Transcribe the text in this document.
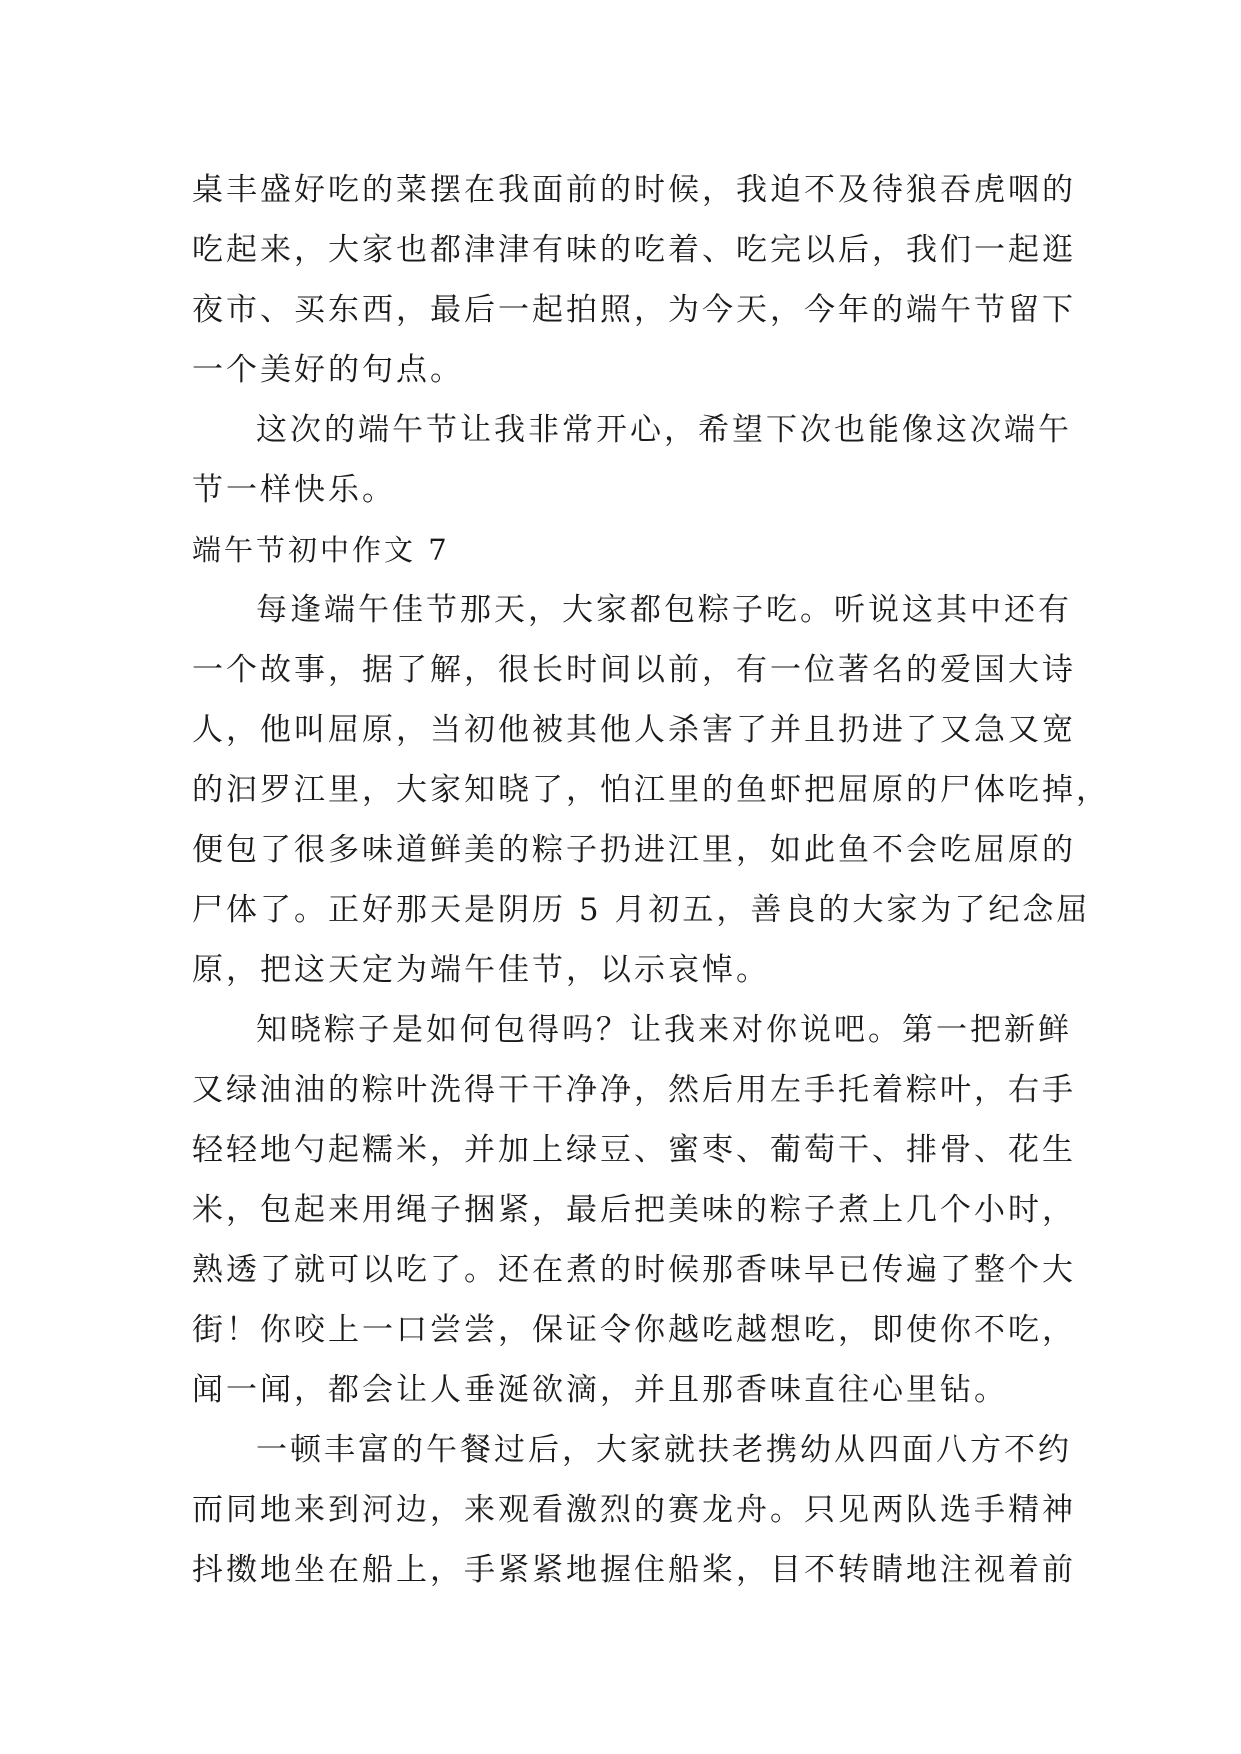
桌丰盛好吃的菜摆在我面前的时候，我迫不及待狼吞虎咽的
吃起来，大家也都津津有味的吃着、吃完以后，我们一起逛
夜市、买东西，最后一起拍照，为今天，今年的端午节留下
一个美好的句点。
这次的端午节让我非常开心，希望下次也能像这次端午
节一样快乐。
端午节初中作文 7
每逢端午佳节那天，大家都包粽子吃。听说这其中还有
一个故事，据了解，很长时间以前，有一位著名的爱国大诗
人，他叫屈原，当初他被其他人杀害了并且扔进了又急又宽
的汩罗江里，大家知晓了，怕江里的鱼虾把屈原的尸体吃掉，
便包了很多味道鲜美的粽子扔进江里，如此鱼不会吃屈原的
尸体了。正好那天是阴历 5 月初五，善良的大家为了纪念屈
原，把这天定为端午佳节，以示哀悼。
知晓粽子是如何包得吗？让我来对你说吧。第一把新鲜
又绿油油的粽叶洗得干干净净，然后用左手托着粽叶，右手
轻轻地勺起糯米，并加上绿豆、蜜枣、葡萄干、排骨、花生
米，包起来用绳子捆紧，最后把美味的粽子煮上几个小时，
熟透了就可以吃了。还在煮的时候那香味早已传遍了整个大
街！你咬上一口尝尝，保证令你越吃越想吃，即使你不吃，
闻一闻，都会让人垂涎欲滴，并且那香味直往心里钻。
一顿丰富的午餐过后，大家就扶老携幼从四面八方不约
而同地来到河边，来观看激烈的赛龙舟。只见两队选手精神
抖擞地坐在船上，手紧紧地握住船桨，目不转睛地注视着前
